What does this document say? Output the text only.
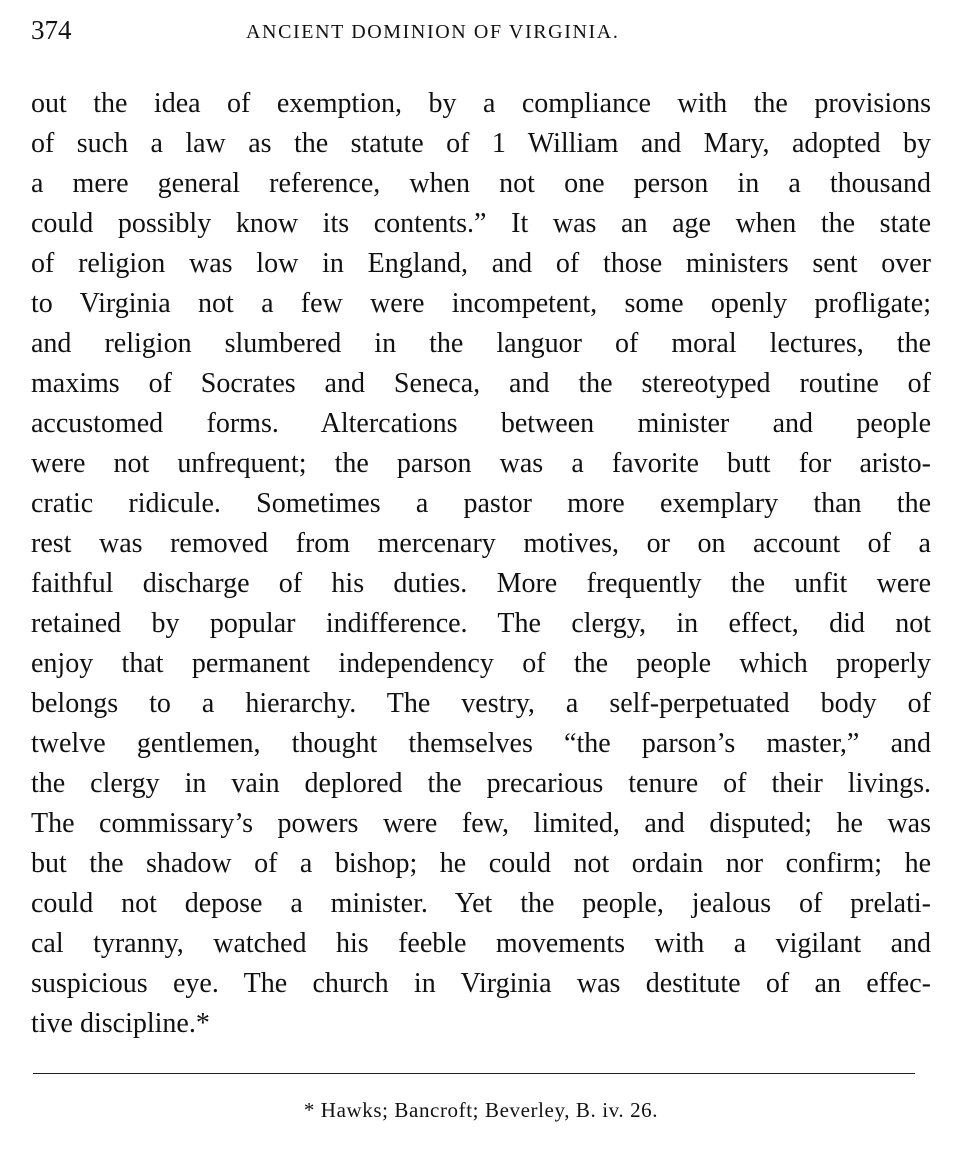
374	ANCIENT DOMINION OF VIRGINIA.
out the idea of exemption, by a compliance with the provisions
of such a law as the statute of 1 William and Mary, adopted by
a mere general reference, when not one person in a thousand
could possibly know its contents.” It was an age when the state
of religion was low in England, and of those ministers sent over
to Virginia not a few were incompetent, some openly profligate;
and religion slumbered in the languor of moral lectures, the
maxims of Socrates and Seneca, and the stereotyped routine of
accustomed forms. Altercations between minister and people
were not unfrequent; the parson was a favorite butt for aristo-
cratic ridicule. Sometimes a pastor more exemplary than the
rest was removed from mercenary motives, or on account of a
faithful discharge of his duties. More frequently the unfit were
retained by popular indifference. The clergy, in effect, did not
enjoy that permanent independency of the people which properly
belongs to a hierarchy. The vestry, a self-perpetuated body of
twelve gentlemen, thought themselves “the parson’s master,” and
the clergy in vain deplored the precarious tenure of their livings.
The commissary’s powers were few, limited, and disputed; he was
but the shadow of a bishop; he could not ordain nor confirm; he
could not depose a minister. Yet the people, jealous of prelati-
cal tyranny, watched his feeble movements with a vigilant and
suspicious eye. The church in Virginia was destitute of an effec-
tive discipline.*
* Hawks; Bancroft; Beverley, B. iv. 26.
